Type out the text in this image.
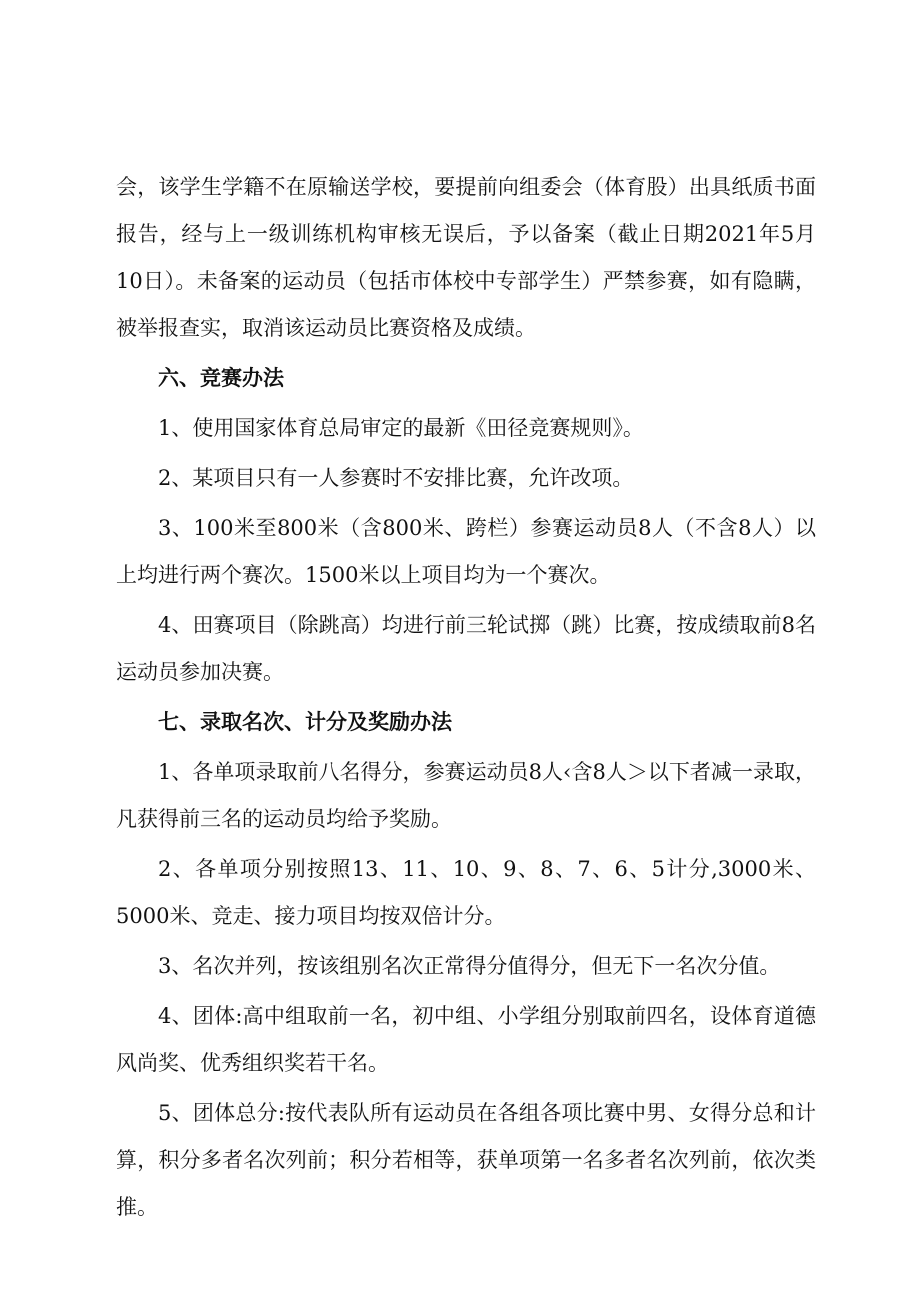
会，该学生学籍不在原输送学校，要提前向组委会（体育股）出具纸质书面报告，经与上一级训练机构审核无误后，予以备案（截止日期2021年5月10日）。未备案的运动员（包括市体校中专部学生）严禁参赛，如有隐瞒，被举报查实，取消该运动员比赛资格及成绩。

六、竞赛办法

1、使用国家体育总局审定的最新《田径竞赛规则》。

2、某项目只有一人参赛时不安排比赛，允许改项。

3、100米至800米（含800米、跨栏）参赛运动员8人（不含8人）以上均进行两个赛次。1500米以上项目均为一个赛次。

4、田赛项目（除跳高）均进行前三轮试掷（跳）比赛，按成绩取前8名运动员参加决赛。

七、录取名次、计分及奖励办法

1、各单项录取前八名得分，参赛运动员8人‹含8人＞以下者减一录取，凡获得前三名的运动员均给予奖励。

2、各单项分别按照13、11、10、9、8、7、6、5计分,3000米、5000米、竞走、接力项目均按双倍计分。

3、名次并列，按该组别名次正常得分值得分，但无下一名次分值。

4、团体:高中组取前一名，初中组、小学组分别取前四名，设体育道德风尚奖、优秀组织奖若干名。

5、团体总分:按代表队所有运动员在各组各项比赛中男、女得分总和计算，积分多者名次列前；积分若相等，获单项第一名多者名次列前，依次类推。
